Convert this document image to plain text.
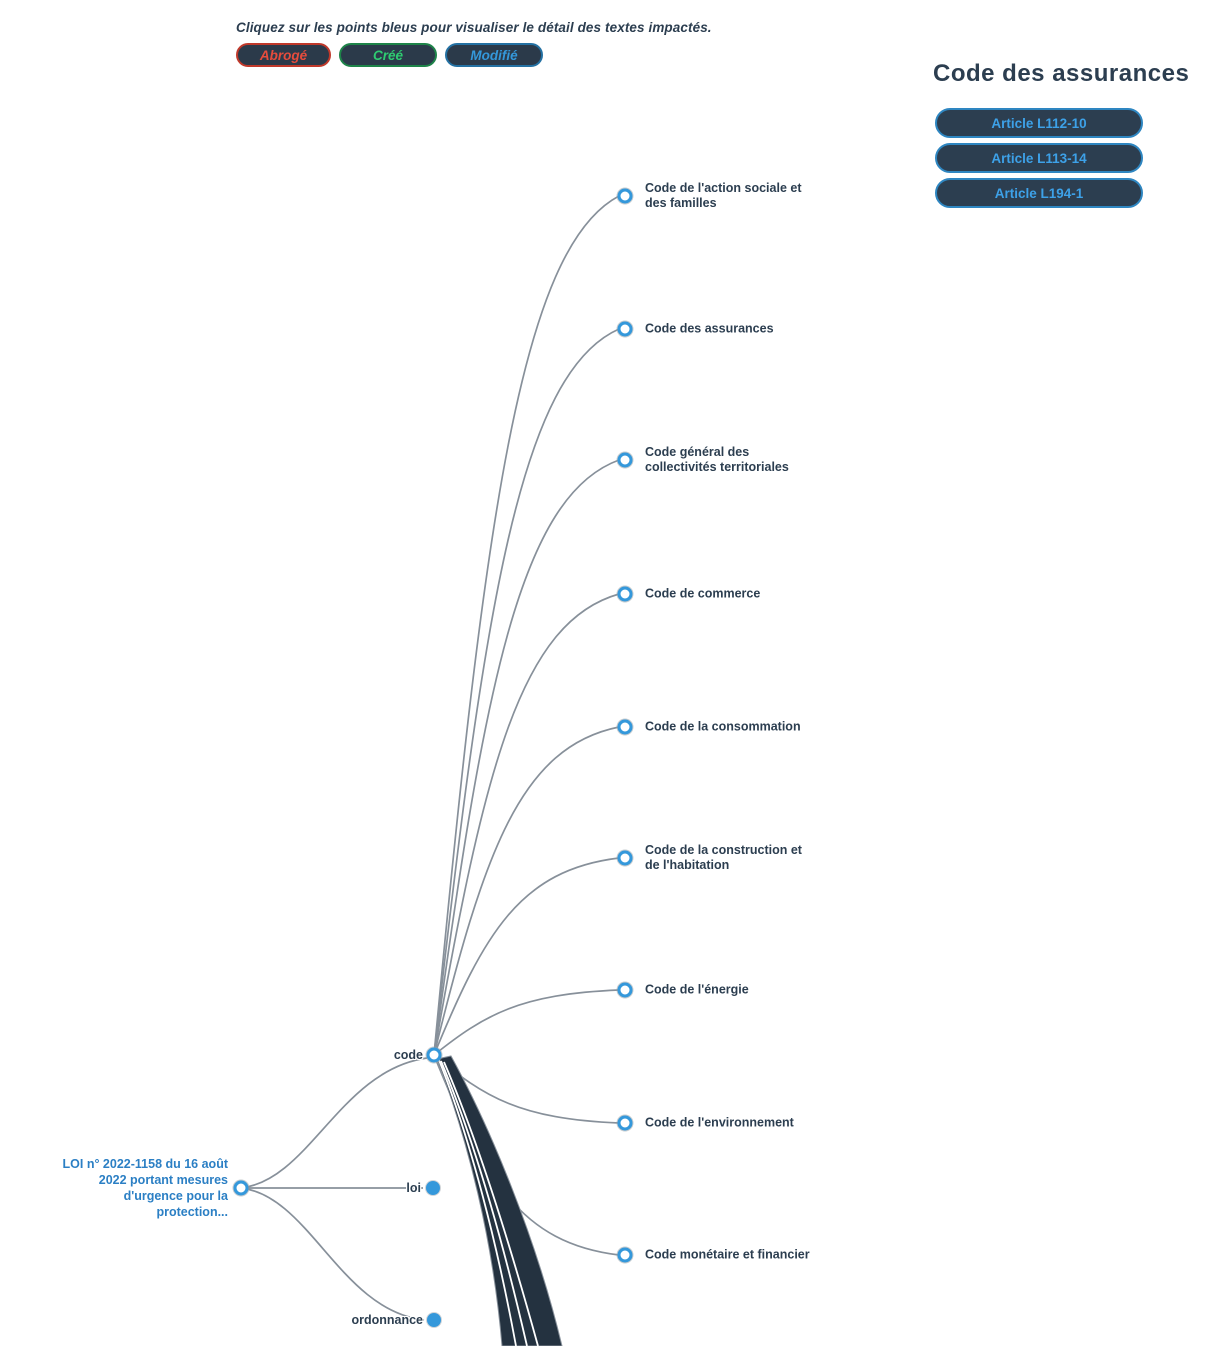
Cliquez sur les points bleus pour visualiser le détail des textes impactés.
Abrogé	Créé	Modifié
Code des assurances
Article L112-10
Article L113-14
Article L194-1
LOI n° 2022-1158 du 16 août 2022 portant mesures d'urgence pour la protection...
code
loi
ordonnance
Code de l'action sociale et des familles
Code des assurances
Code général des collectivités territoriales
Code de commerce
Code de la consommation
Code de la construction et de l'habitation
Code de l'énergie
Code de l'environnement
Code monétaire et financier
